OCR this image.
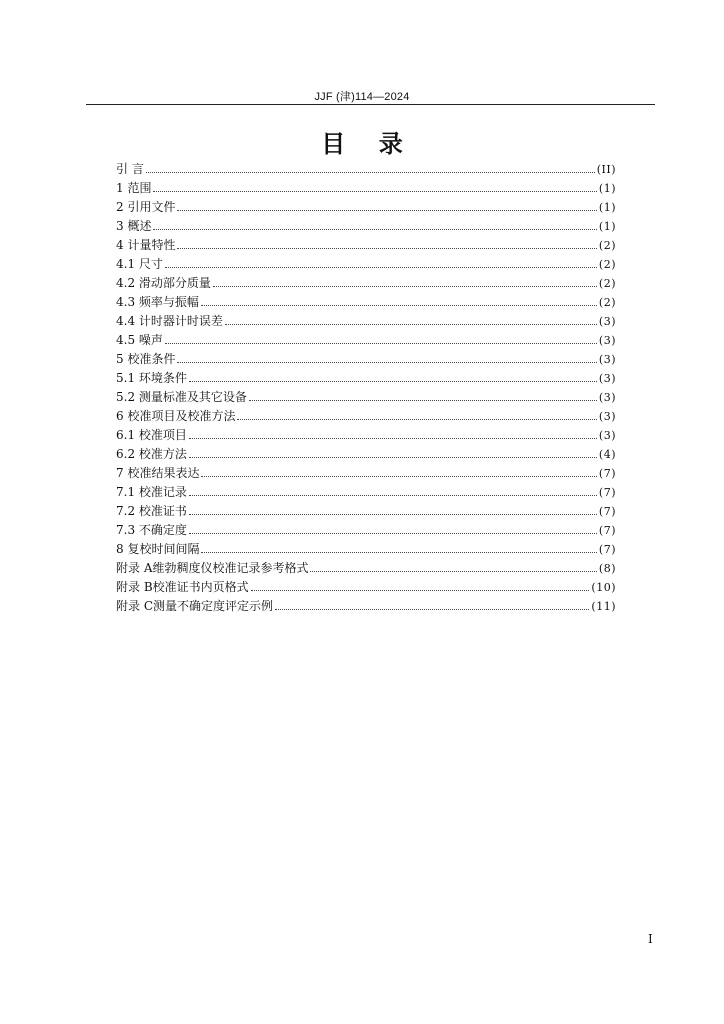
JJF (津)114—2024
目    录
引 言	(II)
1 范围	(1)
2 引用文件	(1)
3 概述	(1)
4 计量特性	(2)
4.1 尺寸	(2)
4.2 滑动部分质量	(2)
4.3 频率与振幅	(2)
4.4 计时器计时误差	(3)
4.5 噪声	(3)
5 校准条件	(3)
5.1 环境条件	(3)
5.2 测量标准及其它设备	(3)
6 校准项目及校准方法	(3)
6.1 校准项目	(3)
6.2 校准方法	(4)
7 校准结果表达	(7)
7.1 校准记录	(7)
7.2 校准证书	(7)
7.3 不确定度	(7)
8 复校时间间隔	(7)
附录 A维勃稠度仪校准记录参考格式	(8)
附录 B校准证书内页格式	(10)
附录 C测量不确定度评定示例	(11)
I
